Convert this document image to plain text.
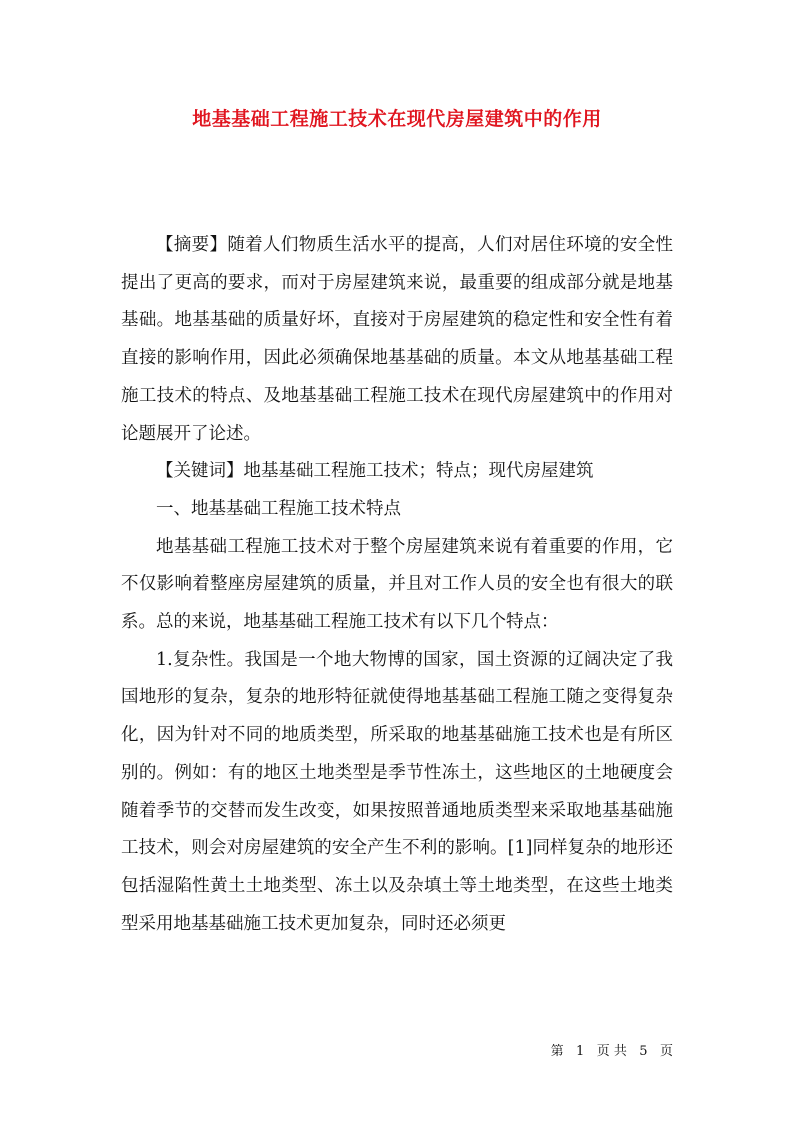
地基基础工程施工技术在现代房屋建筑中的作用

【摘要】随着人们物质生活水平的提高，人们对居住环境的安全性提出了更高的要求，而对于房屋建筑来说，最重要的组成部分就是地基基础。地基基础的质量好坏，直接对于房屋建筑的稳定性和安全性有着直接的影响作用，因此必须确保地基基础的质量。本文从地基基础工程施工技术的特点、及地基基础工程施工技术在现代房屋建筑中的作用对论题展开了论述。

【关键词】地基基础工程施工技术；特点；现代房屋建筑

一、地基基础工程施工技术特点

地基基础工程施工技术对于整个房屋建筑来说有着重要的作用，它不仅影响着整座房屋建筑的质量，并且对工作人员的安全也有很大的联系。总的来说，地基基础工程施工技术有以下几个特点：

1.复杂性。我国是一个地大物博的国家，国土资源的辽阔决定了我国地形的复杂，复杂的地形特征就使得地基基础工程施工随之变得复杂化，因为针对不同的地质类型，所采取的地基基础施工技术也是有所区别的。例如：有的地区土地类型是季节性冻土，这些地区的土地硬度会随着季节的交替而发生改变，如果按照普通地质类型来采取地基基础施工技术，则会对房屋建筑的安全产生不利的影响。[1]同样复杂的地形还包括湿陷性黄土土地类型、冻土以及杂填土等土地类型，在这些土地类型采用地基基础施工技术更加复杂，同时还必须更

第 1 页 共 5 页
